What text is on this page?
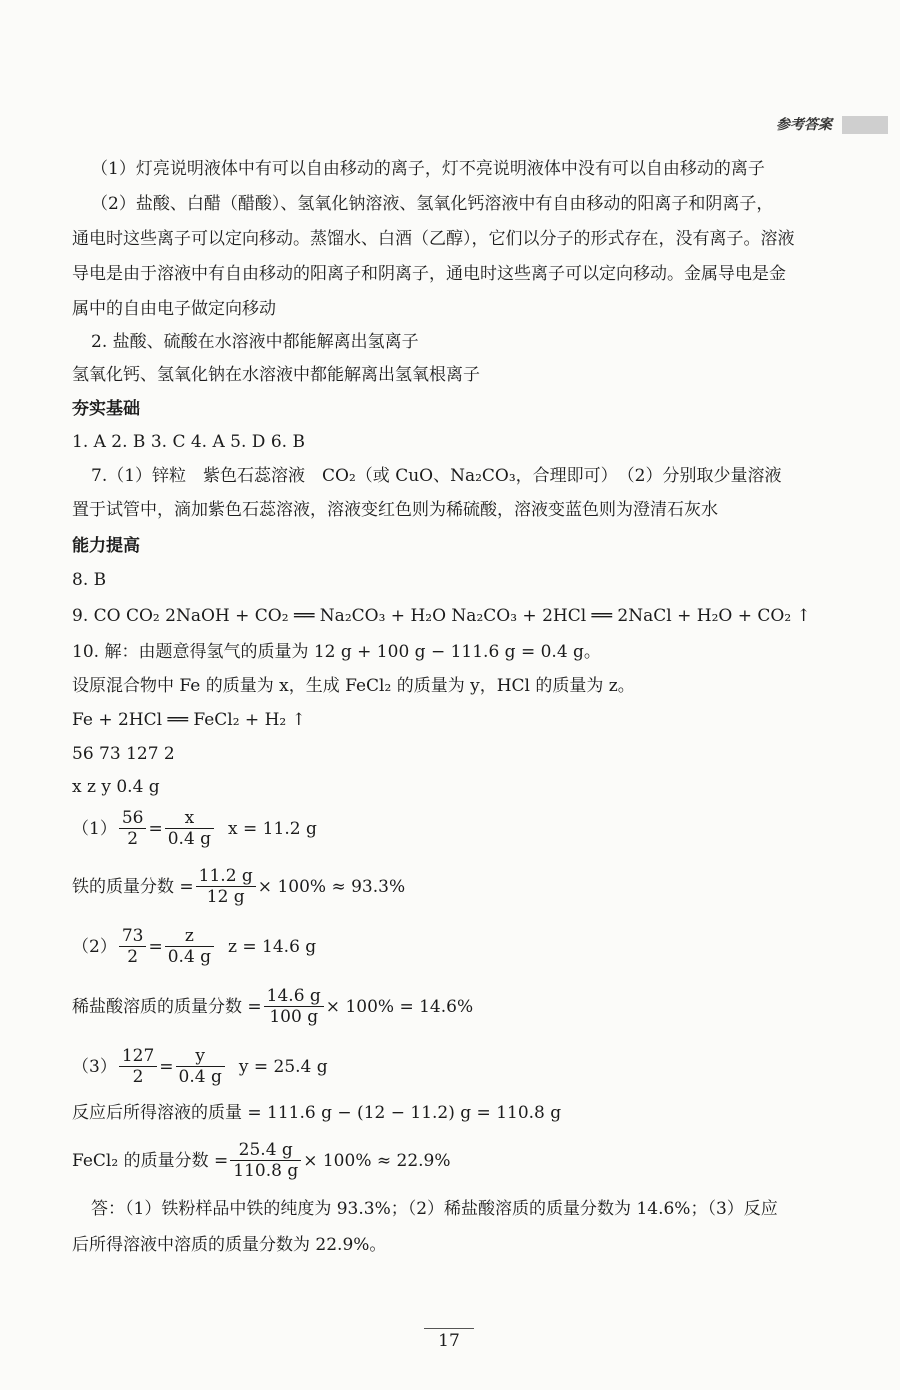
参考答案
（1）灯亮说明液体中有可以自由移动的离子，灯不亮说明液体中没有可以自由移动的离子
（2）盐酸、白醋（醋酸）、氢氧化钠溶液、氢氧化钙溶液中有自由移动的阳离子和阴离子，
通电时这些离子可以定向移动。蒸馏水、白酒（乙醇），它们以分子的形式存在，没有离子。溶液
导电是由于溶液中有自由移动的阳离子和阴离子，通电时这些离子可以定向移动。金属导电是金
属中的自由电子做定向移动
2. 盐酸、硫酸在水溶液中都能解离出氢离子
氢氧化钙、氢氧化钠在水溶液中都能解离出氢氧根离子
夯实基础
1. A 2. B 3. C 4. A 5. D 6. B
7.（1）锌粒　紫色石蕊溶液　CO₂（或 CuO、Na₂CO₃，合理即可）　（2）分别取少量溶液
置于试管中，滴加紫色石蕊溶液，溶液变红色则为稀硫酸，溶液变蓝色则为澄清石灰水
能力提高
8. B
9. CO CO₂ 2NaOH + CO₂ ══ Na₂CO₃ + H₂O Na₂CO₃ + 2HCl ══ 2NaCl + H₂O + CO₂ ↑
10. 解：由题意得氢气的质量为 12 g + 100 g − 111.6 g = 0.4 g。
设原混合物中 Fe 的质量为 x，生成 FeCl₂ 的质量为 y，HCl 的质量为 z。
Fe + 2HCl ══ FeCl₂ + H₂ ↑
56 73 127 2
x z y 0.4 g
$(1) \frac{56}{2} = \frac{x}{0.4 g}$ x = 11.2 g
铁的质量分数 = $\frac{11.2 g}{12 g} \times 100\% \approx 93.3\%$
$(2) \frac{73}{2} = \frac{z}{0.4 g}$ z = 14.6 g
稀盐酸溶质的质量分数 = $\frac{14.6 g}{100 g} \times 100\% = 14.6\%$
$(3) \frac{127}{2} = \frac{y}{0.4 g}$ y = 25.4 g
反应后所得溶液的质量 = 111.6 g − (12 − 11.2) g = 110.8 g
FeCl₂ 的质量分数 = $\frac{25.4 g}{110.8 g} \times 100\% \approx 22.9\%$
答：（1）铁粉样品中铁的纯度为 93.3%；（2）稀盐酸溶质的质量分数为 14.6%；（3）反应
后所得溶液中溶质的质量分数为 22.9%。
17
